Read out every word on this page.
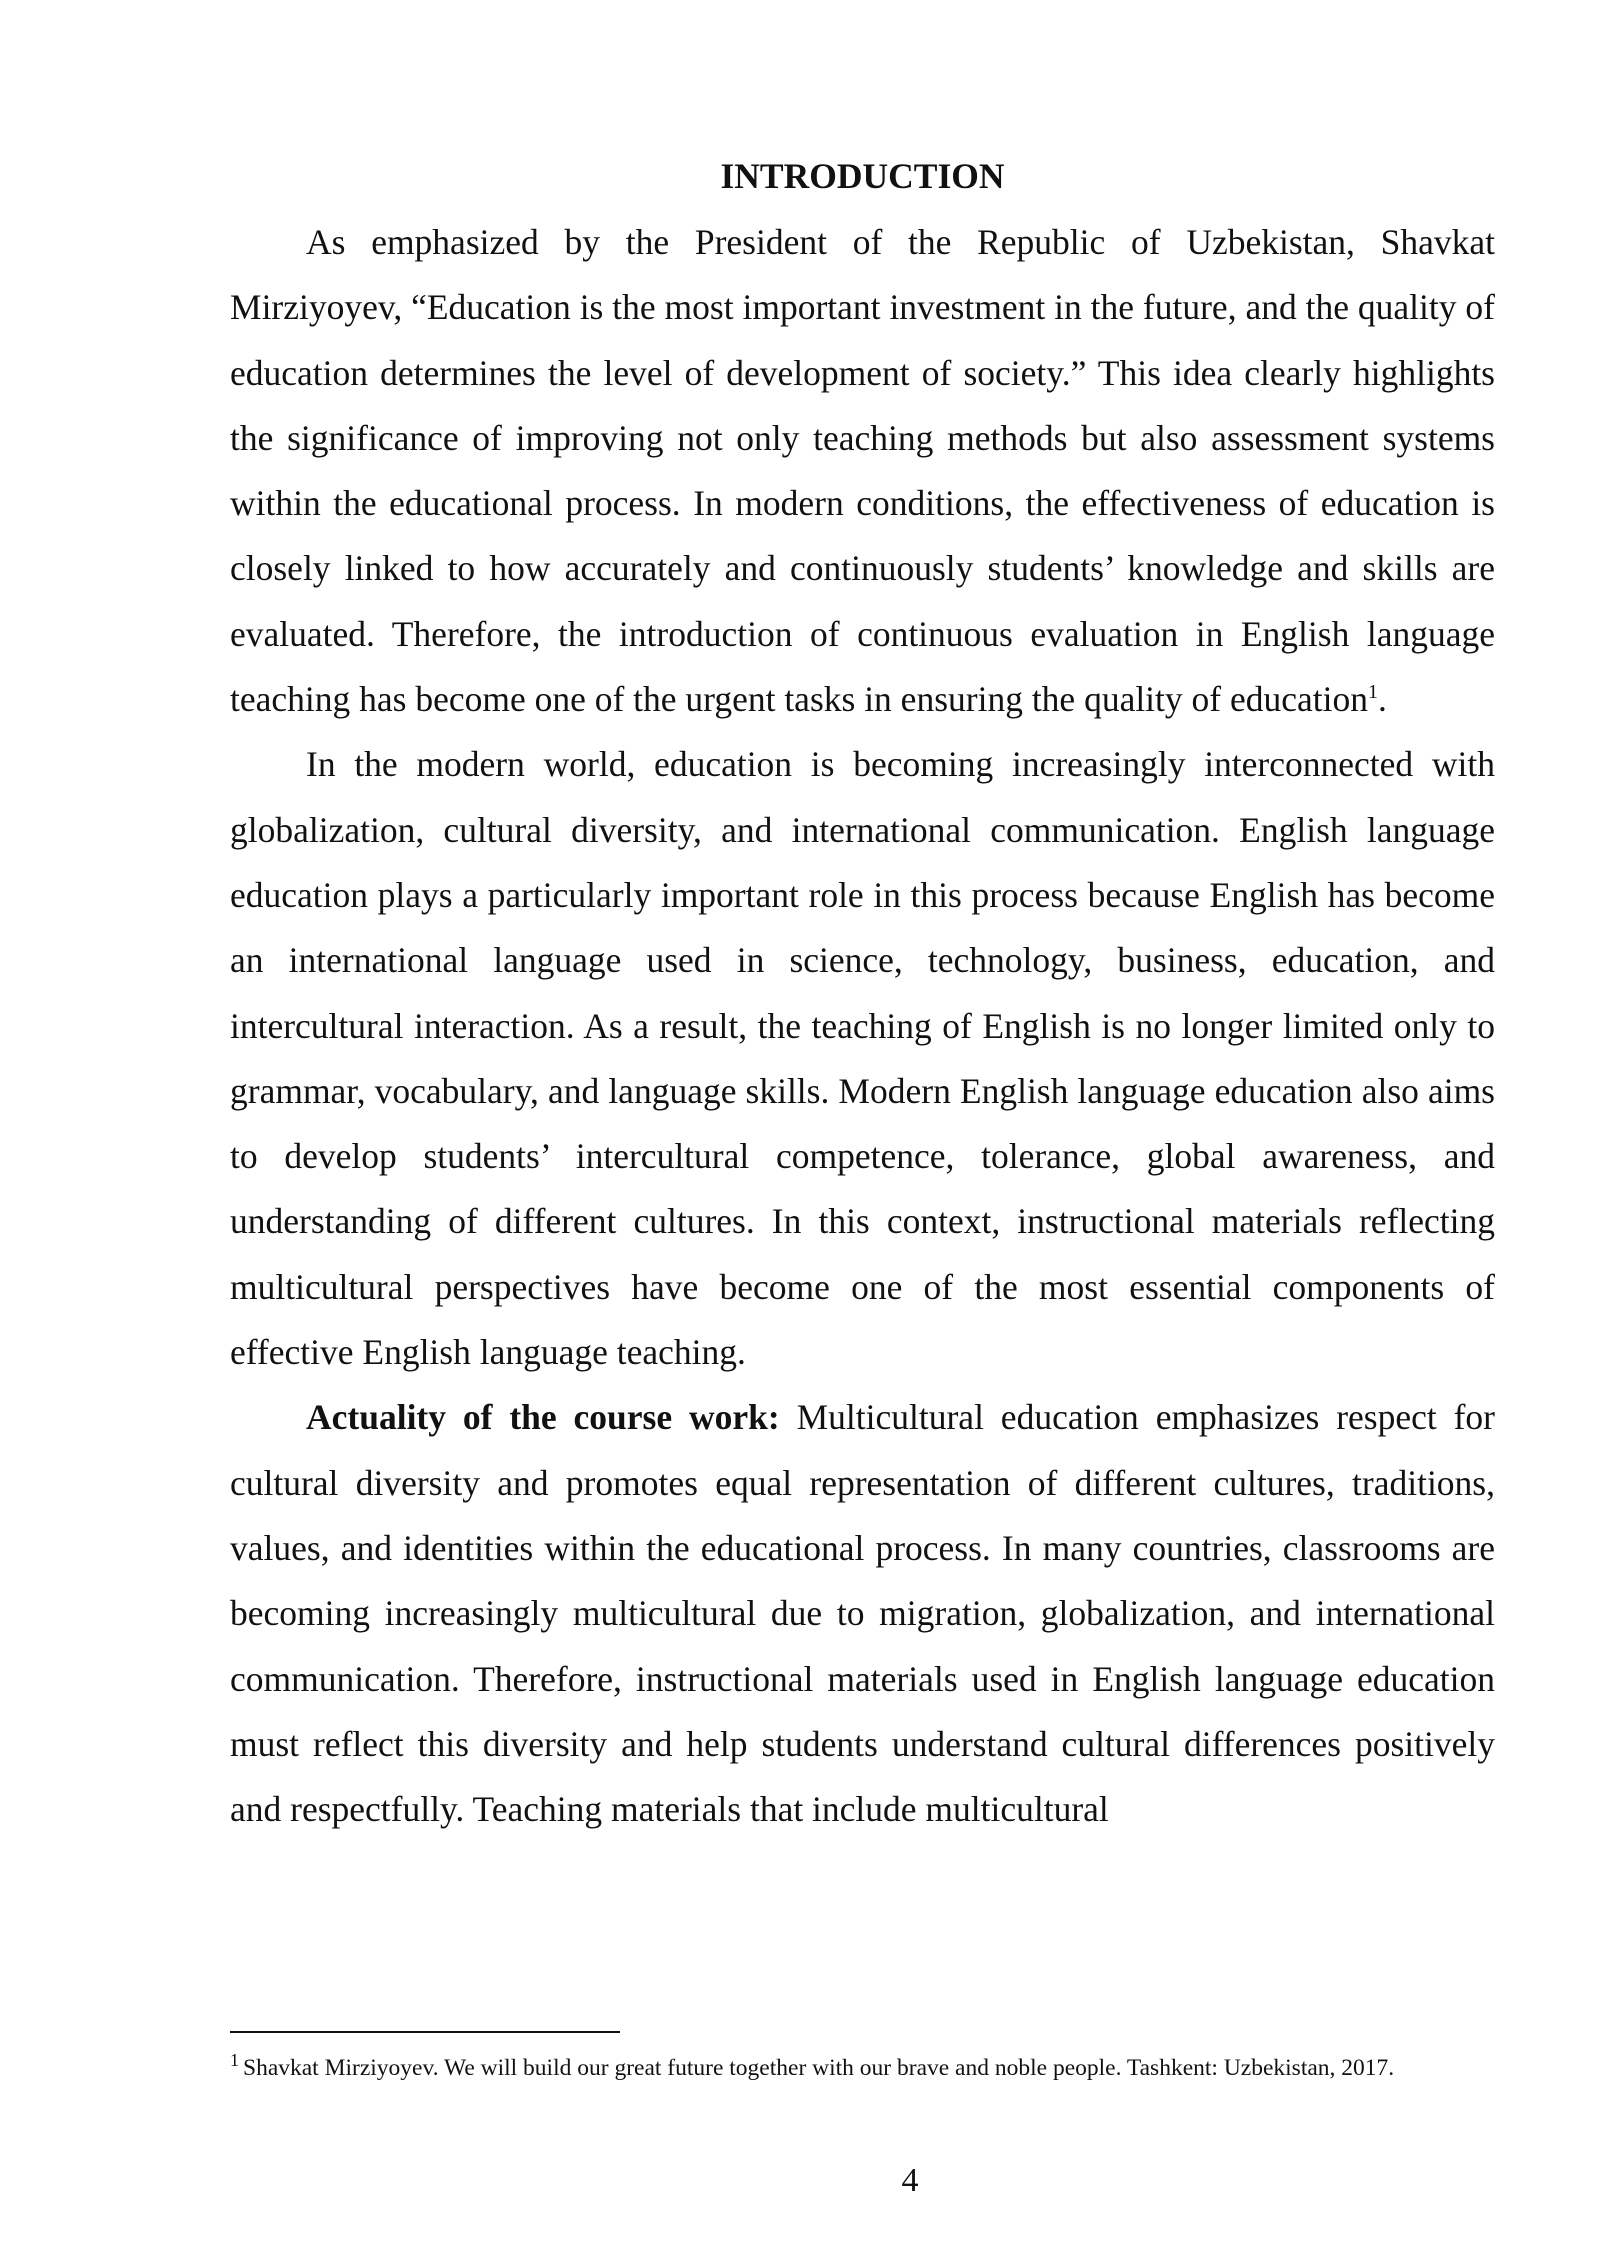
INTRODUCTION

As emphasized by the President of the Republic of Uzbekistan, Shavkat Mirziyoyev, “Education is the most important investment in the future, and the quality of education determines the level of development of society.” This idea clearly highlights the significance of improving not only teaching methods but also assessment systems within the educational process. In modern conditions, the effectiveness of education is closely linked to how accurately and continuously students’ knowledge and skills are evaluated. Therefore, the introduction of continuous evaluation in English language teaching has become one of the urgent tasks in ensuring the quality of education$^1$.

In the modern world, education is becoming increasingly interconnected with globalization, cultural diversity, and international communication. English language education plays a particularly important role in this process because English has become an international language used in science, technology, business, education, and intercultural interaction. As a result, the teaching of English is no longer limited only to grammar, vocabulary, and language skills. Modern English language education also aims to develop students’ intercultural competence, tolerance, global awareness, and understanding of different cultures. In this context, instructional materials reflecting multicultural perspectives have become one of the most essential components of effective English language teaching.

Actuality of the course work: Multicultural education emphasizes respect for cultural diversity and promotes equal representation of different cultures, traditions, values, and identities within the educational process. In many countries, classrooms are becoming increasingly multicultural due to migration, globalization, and international communication. Therefore, instructional materials used in English language education must reflect this diversity and help students understand cultural differences positively and respectfully. Teaching materials that include multicultural

$^1$ Shavkat Mirziyoyev. We will build our great future together with our brave and noble people. Tashkent: Uzbekistan, 2017.
4
